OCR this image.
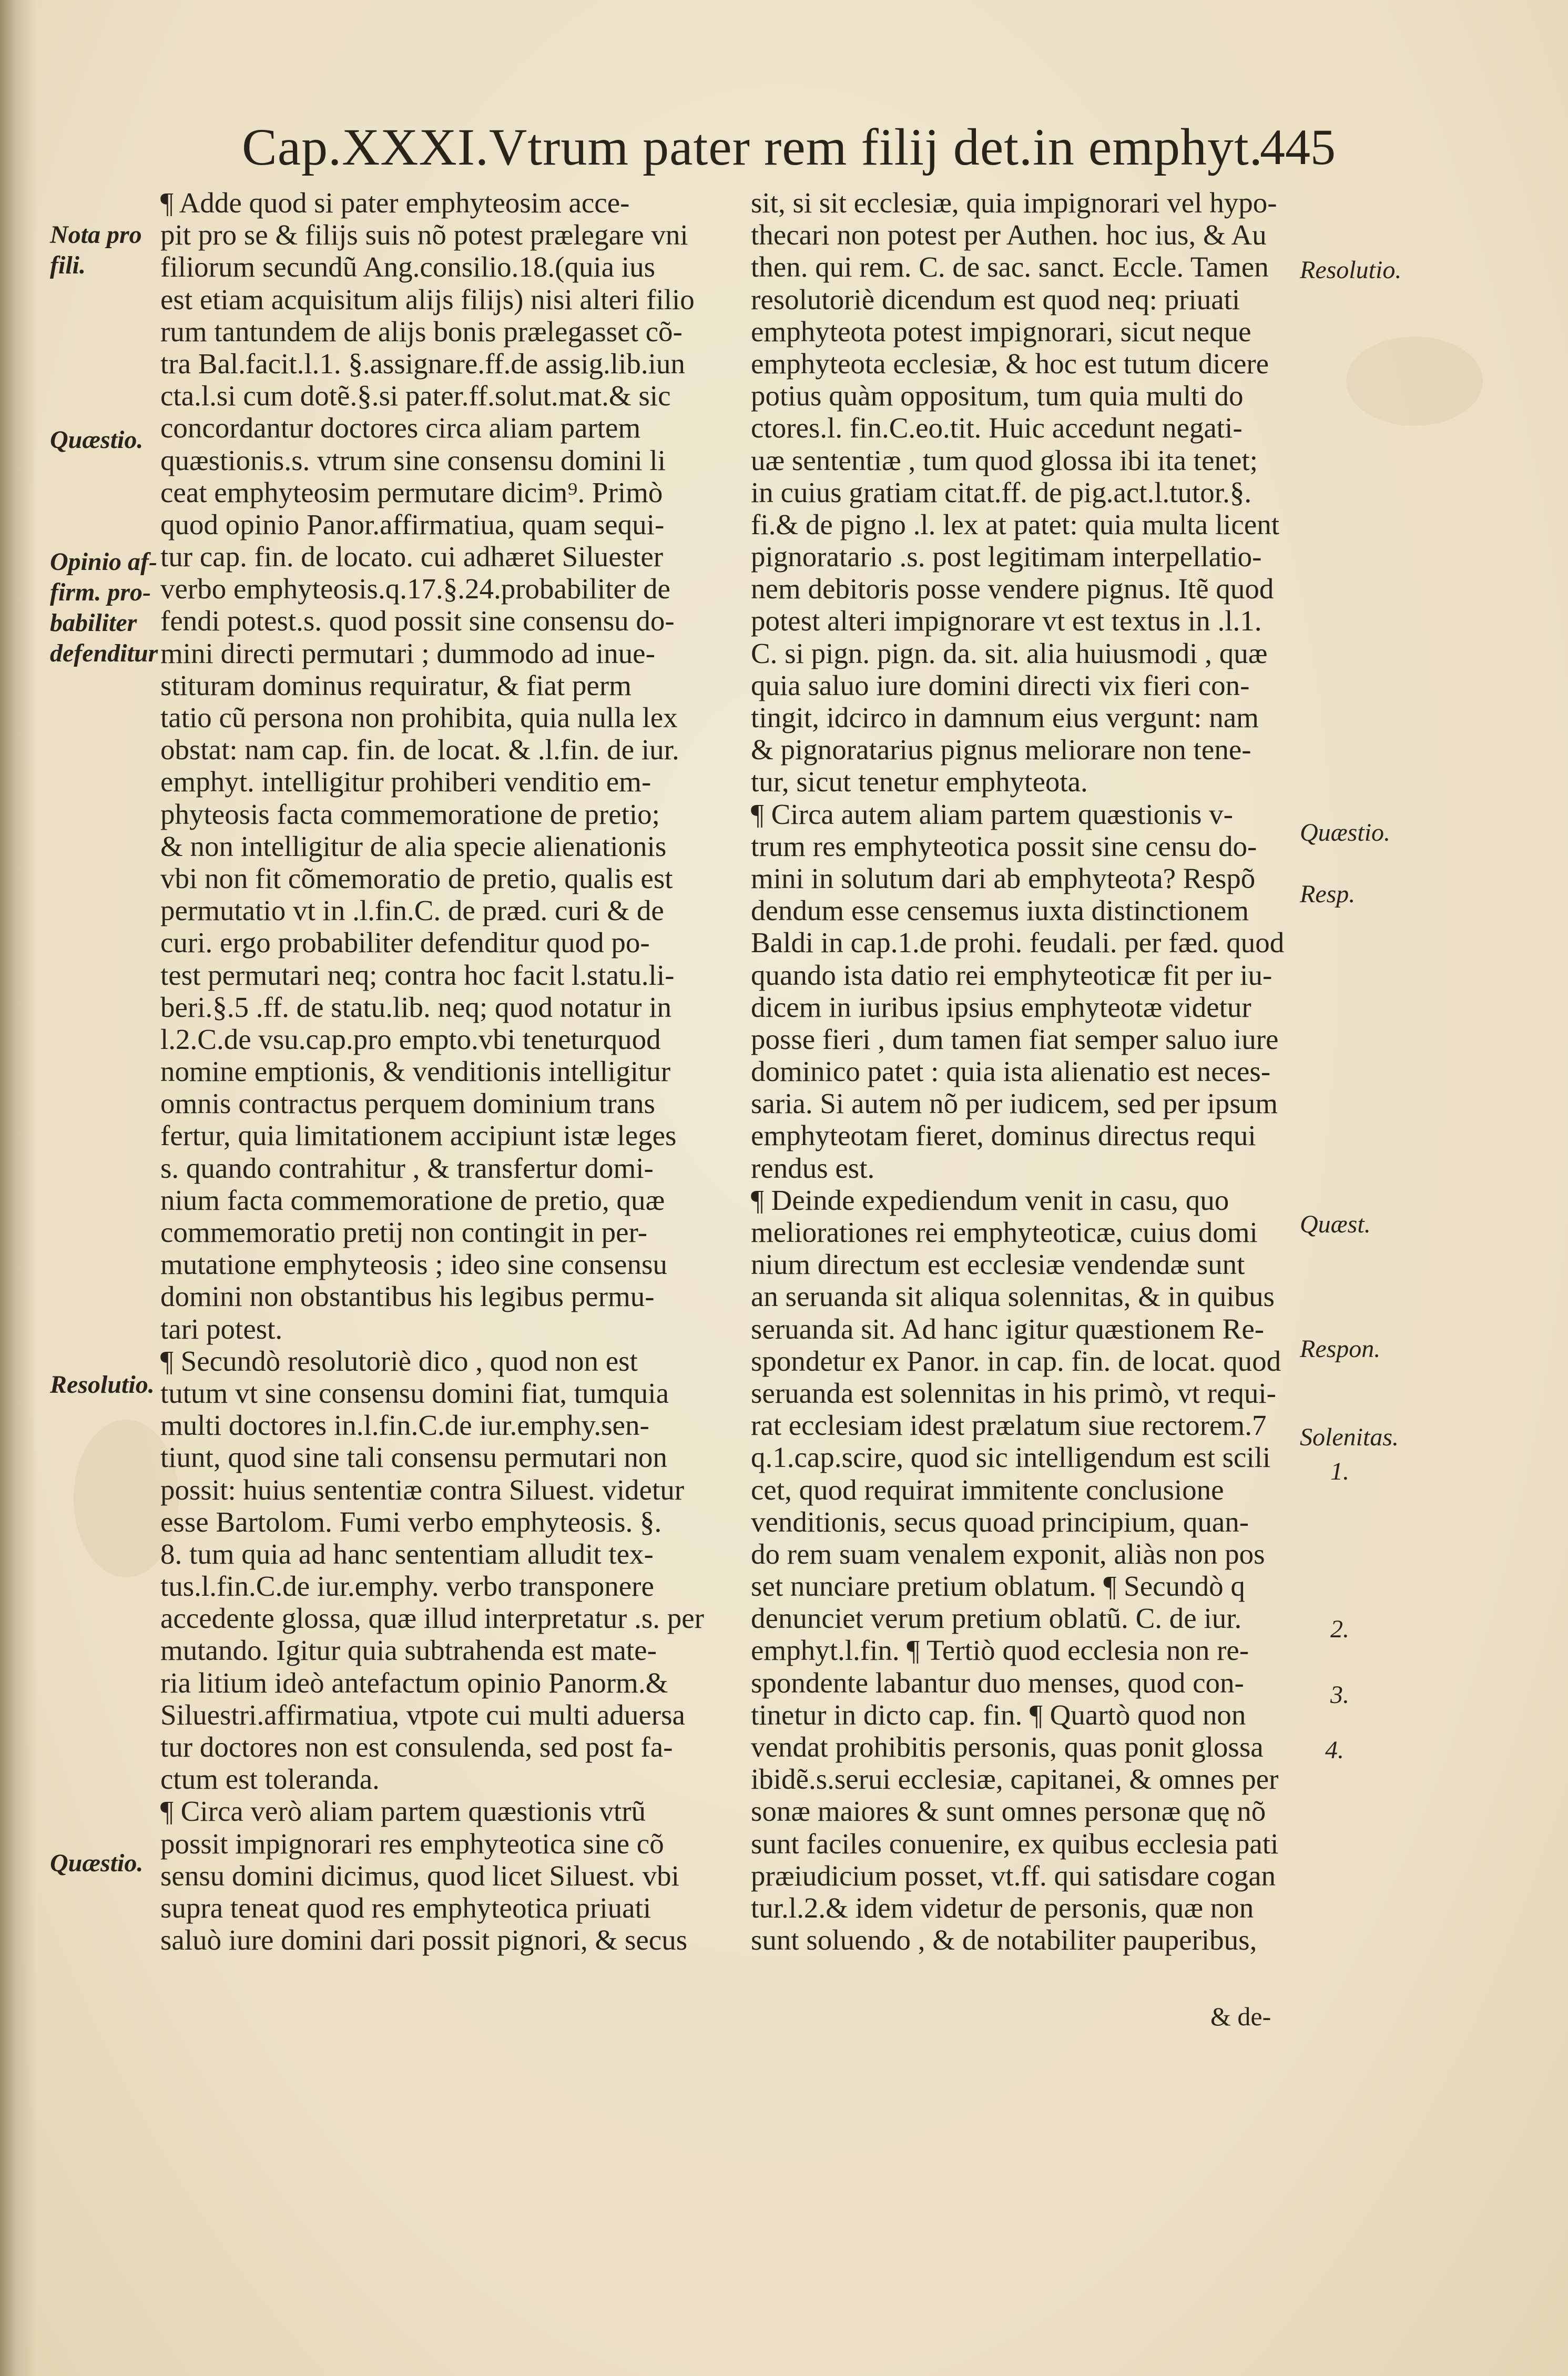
Cap.XXXI.Vtrum pater rem filij det.in emphyt.
445
¶ Adde quod si pater emphyteosim acce-
pit pro se & filijs suis nõ potest prælegare vni
filiorum secundũ Ang.consilio.18.(quia ius
est etiam acquisitum alijs filijs) nisi alteri filio
rum tantundem de alijs bonis prælegasset cõ-
tra Bal.facit.l.1. §.assignare.ff.de assig.lib.iun
cta.l.si cum dotẽ.§.si pater.ff.solut.mat.& sic
concordantur doctores circa aliam partem
quæstionis.s. vtrum sine consensu domini li
ceat emphyteosim permutare dicim⁹. Primò
quod opinio Panor.affirmatiua, quam sequi-
tur cap. fin. de locato. cui adhæret Siluester
verbo emphyteosis.q.17.§.24.probabiliter de
fendi potest.s. quod possit sine consensu do-
mini directi permutari ; dummodo ad inue-
stituram dominus requiratur, & fiat perm
tatio cũ persona non prohibita, quia nulla lex
obstat: nam cap. fin. de locat. & .l.fin. de iur.
emphyt. intelligitur prohiberi venditio em-
phyteosis facta commemoratione de pretio;
& non intelligitur de alia specie alienationis
vbi non fit cõmemoratio de pretio, qualis est
permutatio vt in .l.fin.C. de præd. curi & de
curi. ergo probabiliter defenditur quod po-
test permutari neq; contra hoc facit l.statu.li-
beri.§.5 .ff. de statu.lib. neq; quod notatur in
l.2.C.de vsu.cap.pro empto.vbi teneturquod
nomine emptionis, & venditionis intelligitur
omnis contractus perquem dominium trans
fertur, quia limitationem accipiunt istæ leges
s. quando contrahitur , & transfertur domi-
nium facta commemoratione de pretio, quæ
commemoratio pretij non contingit in per-
mutatione emphyteosis ; ideo sine consensu
domini non obstantibus his legibus permu-
tari potest.
¶ Secundò resolutoriè dico , quod non est
tutum vt sine consensu domini fiat, tumquia
multi doctores in.l.fin.C.de iur.emphy.sen-
tiunt, quod sine tali consensu permutari non
possit: huius sententiæ contra Siluest. videtur
esse Bartolom. Fumi verbo emphyteosis. §.
8. tum quia ad hanc sententiam alludit tex-
tus.l.fin.C.de iur.emphy. verbo transponere
accedente glossa, quæ illud interpretatur .s. per
mutando. Igitur quia subtrahenda est mate-
ria litium ideò antefactum opinio Panorm.&
Siluestri.affirmatiua, vtpote cui multi aduersa
tur doctores non est consulenda, sed post fa-
ctum est toleranda.
¶ Circa verò aliam partem quæstionis vtrũ
possit impignorari res emphyteotica sine cõ
sensu domini dicimus, quod licet Siluest. vbi
supra teneat quod res emphyteotica priuati
saluò iure domini dari possit pignori, & secus
sit, si sit ecclesiæ, quia impignorari vel hypo-
thecari non potest per Authen. hoc ius, & Au
then. qui rem. C. de sac. sanct. Eccle. Tamen
resolutoriè dicendum est quod neq: priuati
emphyteota potest impignorari, sicut neque
emphyteota ecclesiæ, & hoc est tutum dicere
potius quàm oppositum, tum quia multi do
ctores.l. fin.C.eo.tit. Huic accedunt negati-
uæ sententiæ , tum quod glossa ibi ita tenet;
in cuius gratiam citat.ff. de pig.act.l.tutor.§.
fi.& de pigno .l. lex at patet: quia multa licent
pignoratario .s. post legitimam interpellatio-
nem debitoris posse vendere pignus. Itẽ quod
potest alteri impignorare vt est textus in .l.1.
C. si pign. pign. da. sit. alia huiusmodi , quæ
quia saluo iure domini directi vix fieri con-
tingit, idcirco in damnum eius vergunt: nam
& pignoratarius pignus meliorare non tene-
tur, sicut tenetur emphyteota.
¶ Circa autem aliam partem quæstionis v-
trum res emphyteotica possit sine censu do-
mini in solutum dari ab emphyteota? Respõ
dendum esse censemus iuxta distinctionem
Baldi in cap.1.de prohi. feudali. per fæd. quod
quando ista datio rei emphyteoticæ fit per iu-
dicem in iuribus ipsius emphyteotæ videtur
posse fieri , dum tamen fiat semper saluo iure
dominico patet : quia ista alienatio est neces-
saria. Si autem nõ per iudicem, sed per ipsum
emphyteotam fieret, dominus directus requi
rendus est.
¶ Deinde expediendum venit in casu, quo
meliorationes rei emphyteoticæ, cuius domi
nium directum est ecclesiæ vendendæ sunt
an seruanda sit aliqua solennitas, & in quibus
seruanda sit. Ad hanc igitur quæstionem Re-
spondetur ex Panor. in cap. fin. de locat. quod
seruanda est solennitas in his primò, vt requi-
rat ecclesiam idest prælatum siue rectorem.7
q.1.cap.scire, quod sic intelligendum est scili
cet, quod requirat immitente conclusione
venditionis, secus quoad principium, quan-
do rem suam venalem exponit, aliàs non pos
set nunciare pretium oblatum. ¶ Secundò q
denunciet verum pretium oblatũ. C. de iur.
emphyt.l.fin. ¶ Tertiò quod ecclesia non re-
spondente labantur duo menses, quod con-
tinetur in dicto cap. fin. ¶ Quartò quod non
vendat prohibitis personis, quas ponit glossa
ibidẽ.s.serui ecclesiæ, capitanei, & omnes per
sonæ maiores & sunt omnes personæ quę nõ
sunt faciles conuenire, ex quibus ecclesia pati
præiudicium posset, vt.ff. qui satisdare cogan
tur.l.2.& idem videtur de personis, quæ non
sunt soluendo , & de notabiliter pauperibus,
& de-
Nota pro
fili.
Quæstio.
Opinio af-
firm. pro-
babiliter
defenditur
Resolutio.
Quæstio.
Resolutio.
Quæstio.
Resp.
Quæst.
Respon.
Solenitas.
1.
2.
3.
4.
